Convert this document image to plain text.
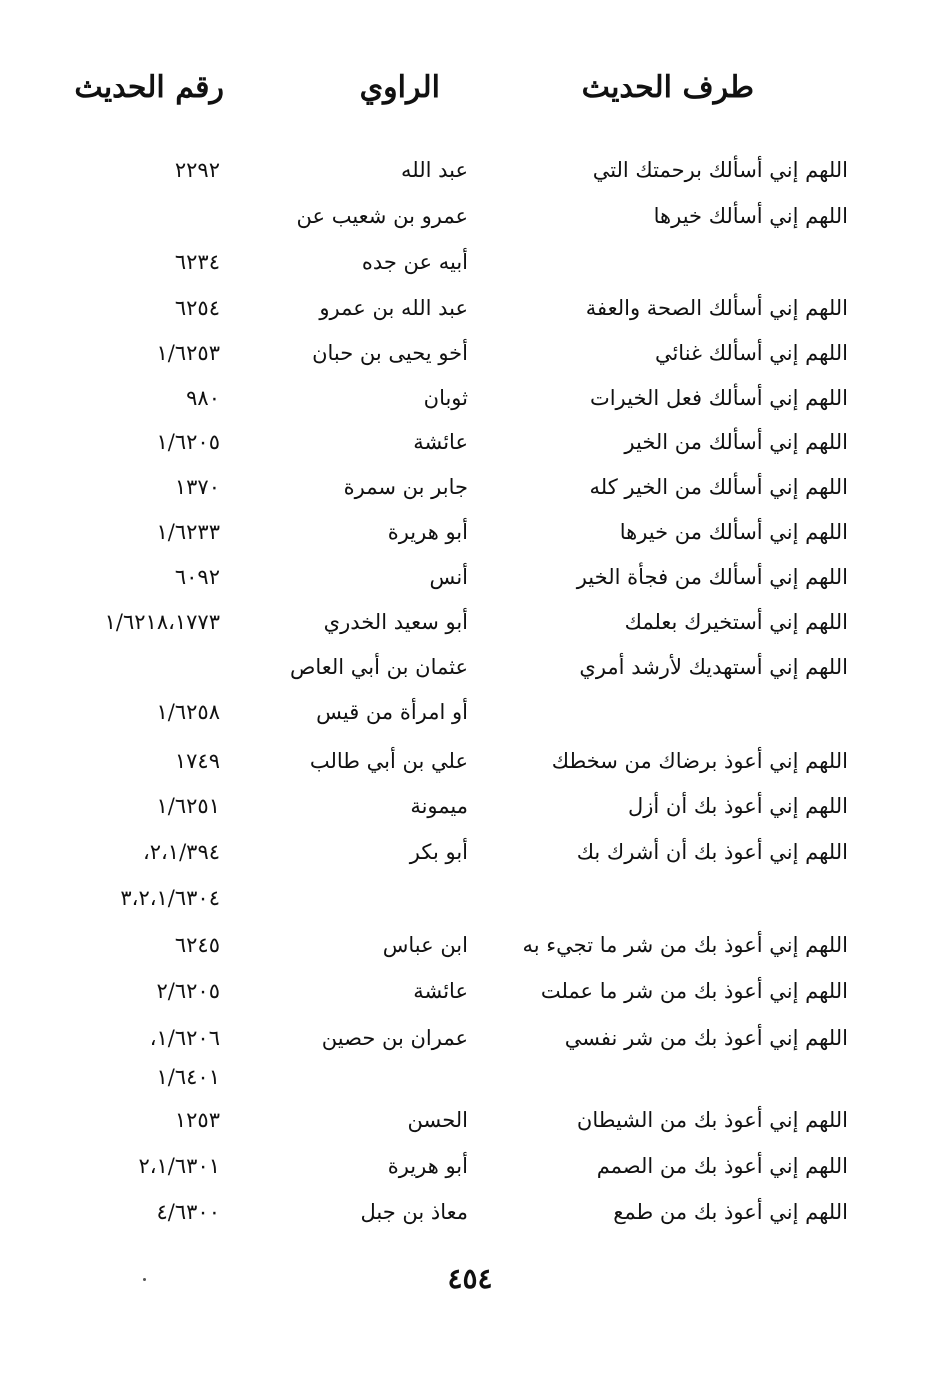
طرف الحديث
الراوي
رقم الحديث
اللهم إني أسألك برحمتك التي
عبد الله
٢٢٩٢
اللهم إني أسألك خيرها
عمرو بن شعيب عن
أبيه عن جده
٦٢٣٤
اللهم إني أسألك الصحة والعفة
عبد الله بن عمرو
٦٢٥٤
اللهم إني أسألك غنائي
أخو يحيى بن حبان
١/٦٢٥٣
اللهم إني أسألك فعل الخيرات
ثوبان
٩٨٠
اللهم إني أسألك من الخير
عائشة
١/٦٢٠٥
اللهم إني أسألك من الخير كله
جابر بن سمرة
١٣٧٠
اللهم إني أسألك من خيرها
أبو هريرة
١/٦٢٣٣
اللهم إني أسألك من فجأة الخير
أنس
٦٠٩٢
اللهم إني أستخيرك بعلمك
أبو سعيد الخدري
١/٦٢١٨،١٧٧٣
اللهم إني أستهديك لأرشد أمري
عثمان بن أبي العاص
أو امرأة من قيس
١/٦٢٥٨
اللهم إني أعوذ برضاك من سخطك
علي بن أبي طالب
١٧٤٩
اللهم إني أعوذ بك أن أزل
ميمونة
١/٦٢٥١
اللهم إني أعوذ بك أن أشرك بك
أبو بكر
٢،١/٣٩٤،
٣،٢،١/٦٣٠٤
اللهم إني أعوذ بك من شر ما تجيء به
ابن عباس
٦٢٤٥
اللهم إني أعوذ بك من شر ما عملت
عائشة
٢/٦٢٠٥
اللهم إني أعوذ بك من شر نفسي
عمران بن حصين
١/٦٢٠٦،
١/٦٤٠١
اللهم إني أعوذ بك من الشيطان
الحسن
١٢٥٣
اللهم إني أعوذ بك من الصمم
أبو هريرة
٢،١/٦٣٠١
اللهم إني أعوذ بك من طمع
معاذ بن جبل
٤/٦٣٠٠
٤٥٤
